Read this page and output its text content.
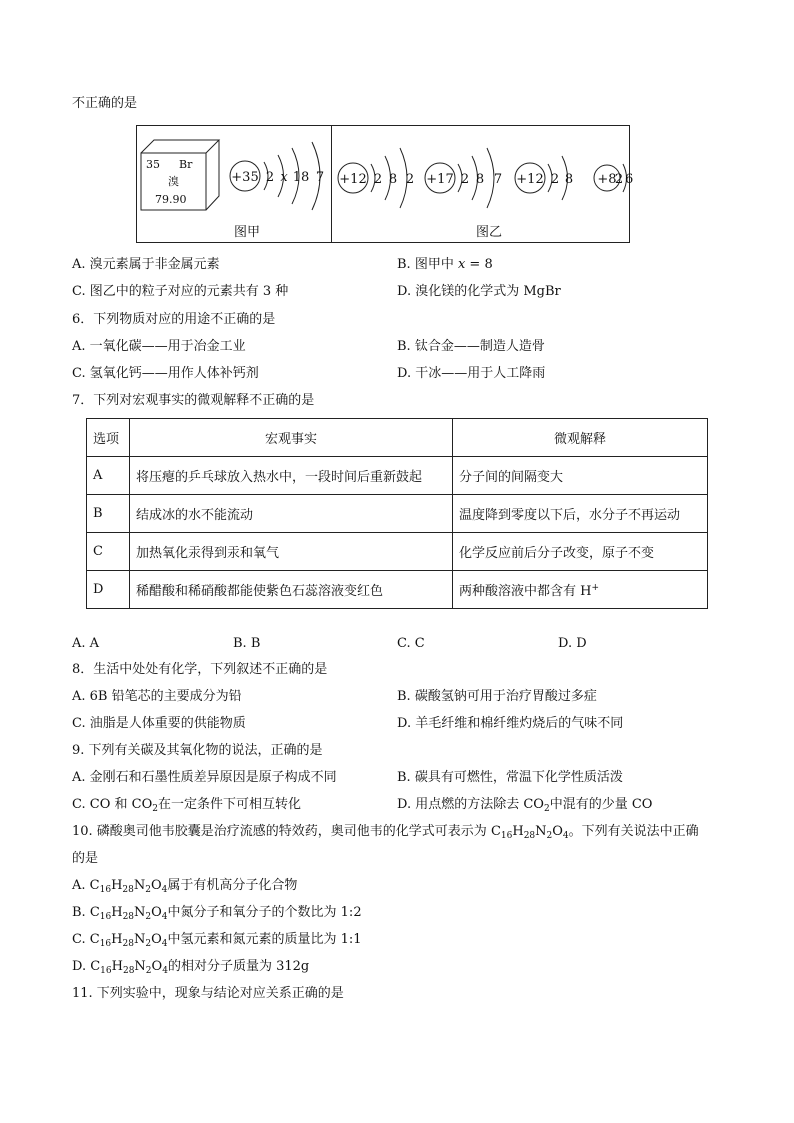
不正确的是
35 Br
溴
79.90
+35 2 x 18 7
图甲
+12 2 8 2 +17 2 8 7 +12 2 8 +8
2 6
图乙
A. 溴元素属于非金属元素	B. 图甲中 x = 8
C. 图乙中的粒子对应的元素共有 3 种	D. 溴化镁的化学式为 MgBr
6．下列物质对应的用途不正确的是
A. 一氧化碳——用于冶金工业	B. 钛合金——制造人造骨
C. 氢氧化钙——用作人体补钙剂	D. 干冰——用于人工降雨
7．下列对宏观事实的微观解释不正确的是
选项	宏观事实	微观解释
A	将压瘪的乒乓球放入热水中，一段时间后重新鼓起	分子间的间隔变大
B	结成冰的水不能流动	温度降到零度以下后，水分子不再运动
C	加热氧化汞得到汞和氧气	化学反应前后分子改变，原子不变
D	稀醋酸和稀硝酸都能使紫色石蕊溶液变红色	两种酸溶液中都含有 H+
A. A	B. B	C. C	D. D
8．生活中处处有化学，下列叙述不正确的是
A. 6B 铅笔芯的主要成分为铅	B. 碳酸氢钠可用于治疗胃酸过多症
C. 油脂是人体重要的供能物质	D. 羊毛纤维和棉纤维灼烧后的气味不同
9. 下列有关碳及其氧化物的说法，正确的是
A. 金刚石和石墨性质差异原因是原子构成不同	B. 碳具有可燃性，常温下化学性质活泼
C. CO 和 $CO_2$在一定条件下可相互转化	D. 用点燃的方法除去 $CO_2$中混有的少量 CO
10. 磷酸奥司他韦胶囊是治疗流感的特效药，奥司他韦的化学式可表示为 $C_{16}H_{28}N_2O_4$。下列有关说法中正确
的是
A. $C_{16}H_{28}N_2O_4$属于有机高分子化合物
B. $C_{16}H_{28}N_2O_4$中氮分子和氧分子的个数比为 1:2
C. $C_{16}H_{28}N_2O_4$中氢元素和氮元素的质量比为 1:1
D. $C_{16}H_{28}N_2O_4$的相对分子质量为 312g
11. 下列实验中，现象与结论对应关系正确的是
